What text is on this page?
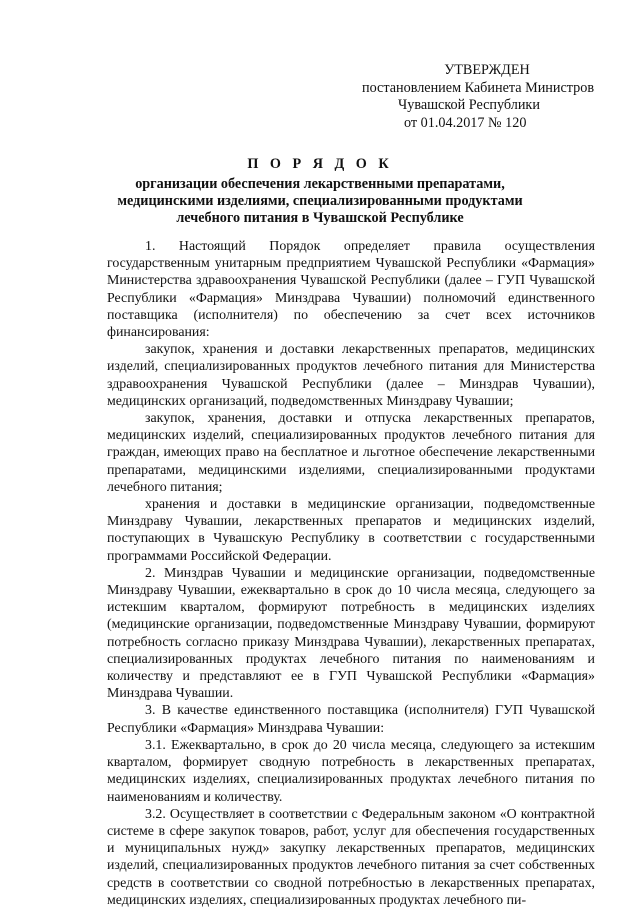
УТВЕРЖДЕН
постановлением Кабинета Министров
Чувашской Республики
от 01.04.2017 № 120
П О Р Я Д О К
организации обеспечения лекарственными препаратами,
медицинскими изделиями, специализированными продуктами
лечебного питания в Чувашской Республике

1. Настоящий Порядок определяет правила осуществления государственным унитарным предприятием Чувашской Республики «Фармация» Министерства здравоохранения Чувашской Республики (далее – ГУП Чувашской Республики «Фармация» Минздрава Чувашии) полномочий единственного поставщика (исполнителя) по обеспечению за счет всех источников финансирования:

закупок, хранения и доставки лекарственных препаратов, медицинских изделий, специализированных продуктов лечебного питания для Министерства здравоохранения Чувашской Республики (далее – Минздрав Чувашии), медицинских организаций, подведомственных Минздраву Чувашии;

закупок, хранения, доставки и отпуска лекарственных препаратов, медицинских изделий, специализированных продуктов лечебного питания для граждан, имеющих право на бесплатное и льготное обеспечение лекарственными препаратами, медицинскими изделиями, специализированными продуктами лечебного питания;

хранения и доставки в медицинские организации, подведомственные Минздраву Чувашии, лекарственных препаратов и медицинских изделий, поступающих в Чувашскую Республику в соответствии с государственными программами Российской Федерации.

2. Минздрав Чувашии и медицинские организации, подведомственные Минздраву Чувашии, ежеквартально в срок до 10 числа месяца, следующего за истекшим кварталом, формируют потребность в медицинских изделиях (медицинские организации, подведомственные Минздраву Чувашии, формируют потребность согласно приказу Минздрава Чувашии), лекарственных препаратах, специализированных продуктах лечебного питания по наименованиям и количеству и представляют ее в ГУП Чувашской Республики «Фармация» Минздрава Чувашии.

3. В качестве единственного поставщика (исполнителя) ГУП Чувашской Республики «Фармация» Минздрава Чувашии:

3.1. Ежеквартально, в срок до 20 числа месяца, следующего за истекшим кварталом, формирует сводную потребность в лекарственных препаратах, медицинских изделиях, специализированных продуктах лечебного питания по наименованиям и количеству.

3.2. Осуществляет в соответствии с Федеральным законом «О контрактной системе в сфере закупок товаров, работ, услуг для обеспечения государственных и муниципальных нужд» закупку лекарственных препаратов, медицинских изделий, специализированных продуктов лечебного питания за счет собственных средств в соответствии со сводной потребностью в лекарственных препаратах, медицинских изделиях, специализированных продуктах лечебного пи-
